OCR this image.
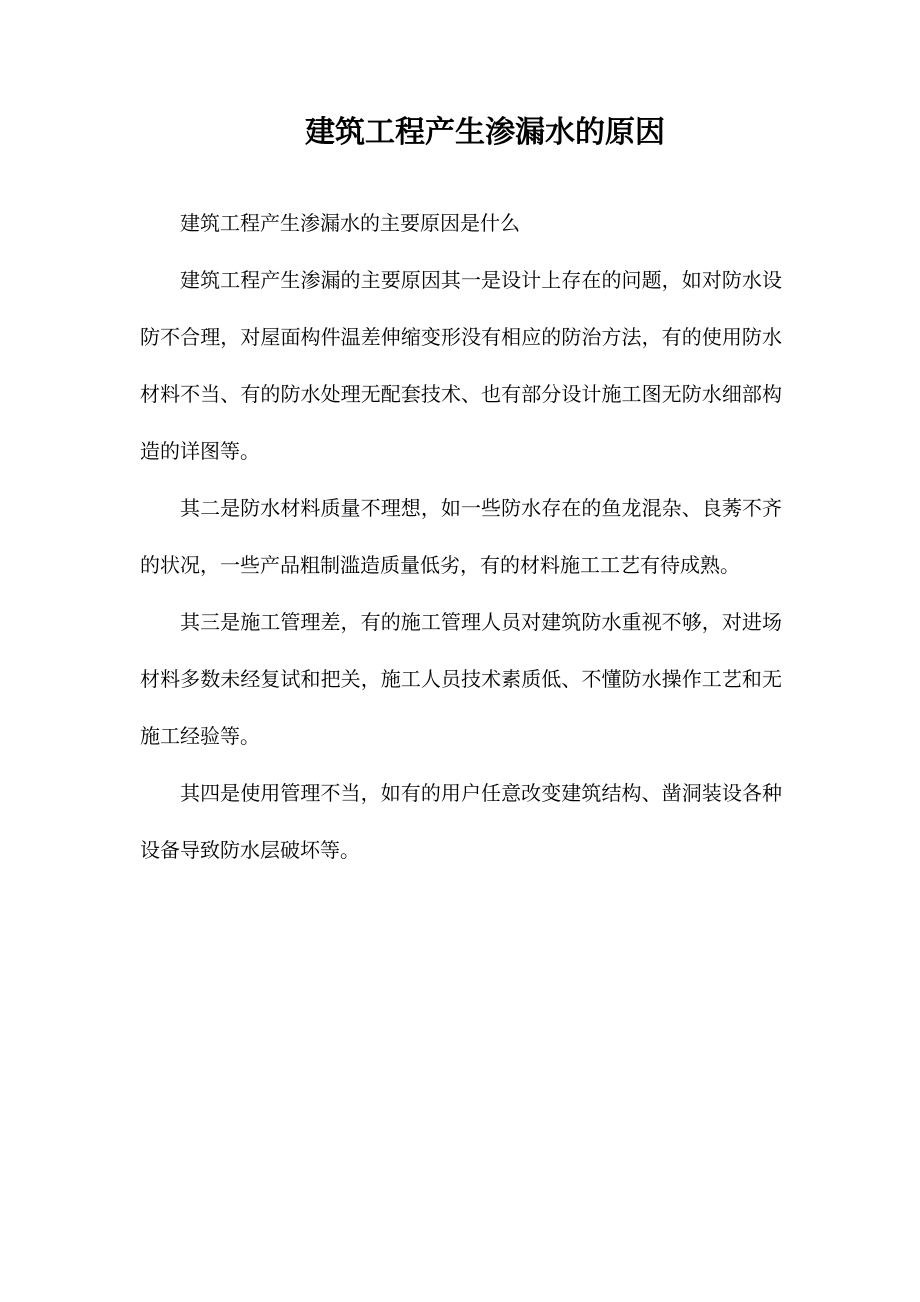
建筑工程产生渗漏水的原因

建筑工程产生渗漏水的主要原因是什么

建筑工程产生渗漏的主要原因其一是设计上存在的问题，如对防水设防不合理，对屋面构件温差伸缩变形没有相应的防治方法，有的使用防水材料不当、有的防水处理无配套技术、也有部分设计施工图无防水细部构造的详图等。

其二是防水材料质量不理想，如一些防水存在的鱼龙混杂、良莠不齐的状况，一些产品粗制滥造质量低劣，有的材料施工工艺有待成熟。

其三是施工管理差，有的施工管理人员对建筑防水重视不够，对进场材料多数未经复试和把关，施工人员技术素质低、不懂防水操作工艺和无施工经验等。

其四是使用管理不当，如有的用户任意改变建筑结构、凿洞装设各种设备导致防水层破坏等。
